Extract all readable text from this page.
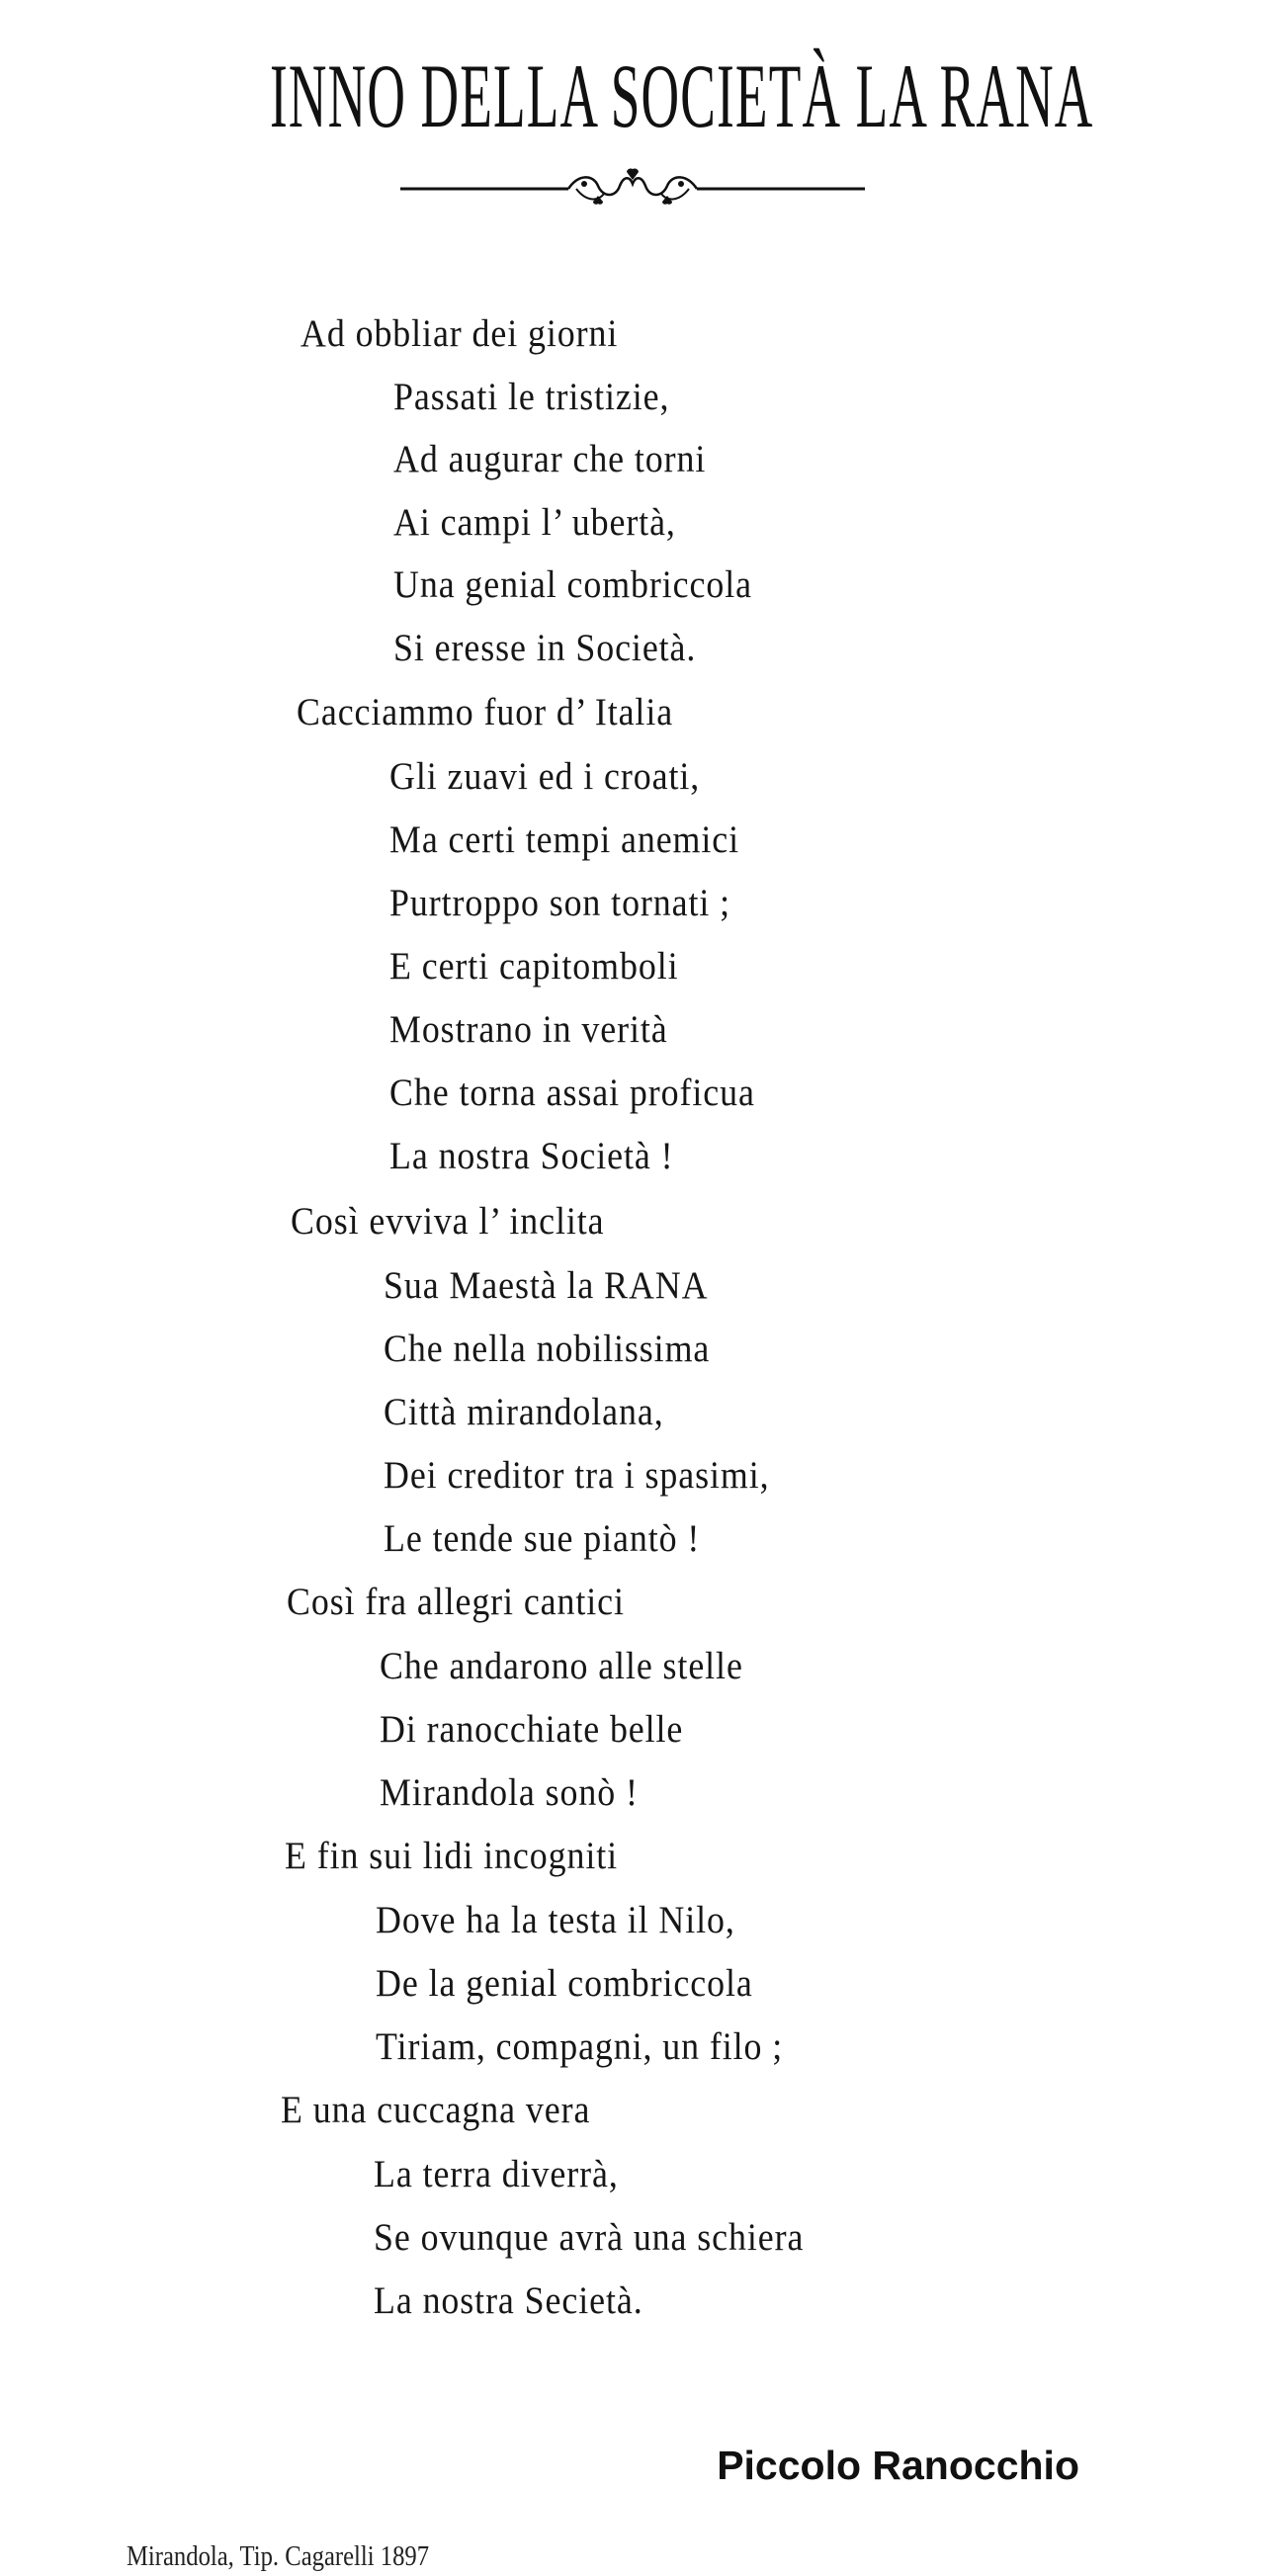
INNO DELLA SOCIETÀ LA RANA
Ad obbliar dei giorni
Passati le tristizie,
Ad augurar che torni
Ai campi l’ ubertà,
Una genial combriccola
Si eresse in Società.
Cacciammo fuor d’ Italia
Gli zuavi ed i croati,
Ma certi tempi anemici
Purtroppo son tornati ;
E certi capitomboli
Mostrano in verità
Che torna assai proficua
La nostra Società !
Così evviva l’ inclita
Sua Maestà la RANA
Che nella nobilissima
Città mirandolana,
Dei creditor tra i spasimi,
Le tende sue piantò !
Così fra allegri cantici
Che andarono alle stelle
Di ranocchiate belle
Mirandola sonò !
E fin sui lidi incogniti
Dove ha la testa il Nilo,
De la genial combriccola
Tiriam, compagni, un filo ;
E una cuccagna vera
La terra diverrà,
Se ovunque avrà una schiera
La nostra Secietà.
Piccolo Ranocchio
Mirandola, Tip. Cagarelli 1897
